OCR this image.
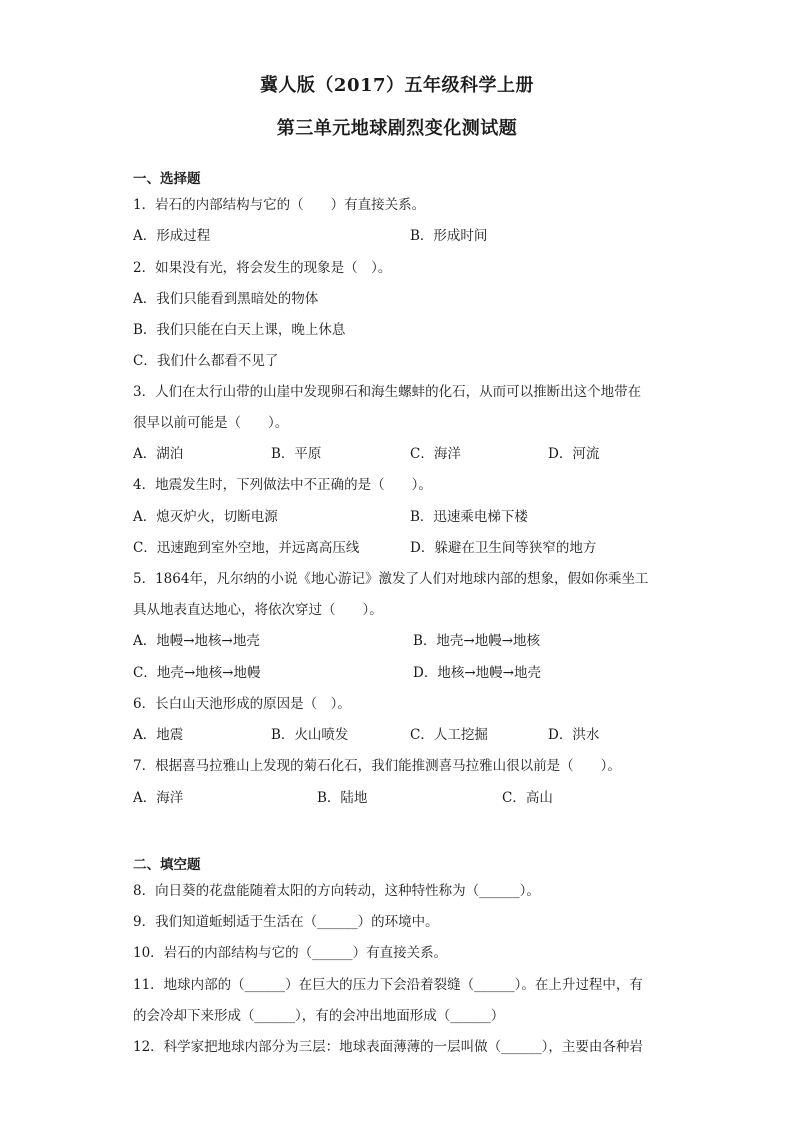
冀人版（2017）五年级科学上册
第三单元地球剧烈变化测试题
一、选择题
1．岩石的内部结构与它的（　　）有直接关系。
A．形成过程	B．形成时间
2．如果没有光，将会发生的现象是（　）。
A．我们只能看到黑暗处的物体
B．我们只能在白天上课，晚上休息
C．我们什么都看不见了
3．人们在太行山带的山崖中发现卵石和海生螺蚌的化石，从而可以推断出这个地带在
很早以前可能是（　　）。
A．湖泊	B．平原	C．海洋	D．河流
4．地震发生时，下列做法中不正确的是（　　）。
A．熄灭炉火，切断电源	B．迅速乘电梯下楼
C．迅速跑到室外空地，并远离高压线	D．躲避在卫生间等狭窄的地方
5．1864年，凡尔纳的小说《地心游记》激发了人们对地球内部的想象，假如你乘坐工
具从地表直达地心，将依次穿过（　　）。
A．地幔→地核→地壳	B．地壳→地幔→地核
C．地壳→地核→地幔	D．地核→地幔→地壳
6．长白山天池形成的原因是（　）。
A．地震	B．火山喷发	C．人工挖掘	D．洪水
7．根据喜马拉雅山上发现的菊石化石，我们能推测喜马拉雅山很以前是（　　）。
A．海洋	B．陆地	C．高山
二、填空题
8．向日葵的花盘能随着太阳的方向转动，这种特性称为（______）。
9．我们知道蚯蚓适于生活在（______）的环境中。
10．岩石的内部结构与它的（______）有直接关系。
11．地球内部的（______）在巨大的压力下会沿着裂缝（______）。在上升过程中，有
的会冷却下来形成（______），有的会冲出地面形成（______）
12．科学家把地球内部分为三层：地球表面薄薄的一层叫做（______），主要由各种岩
